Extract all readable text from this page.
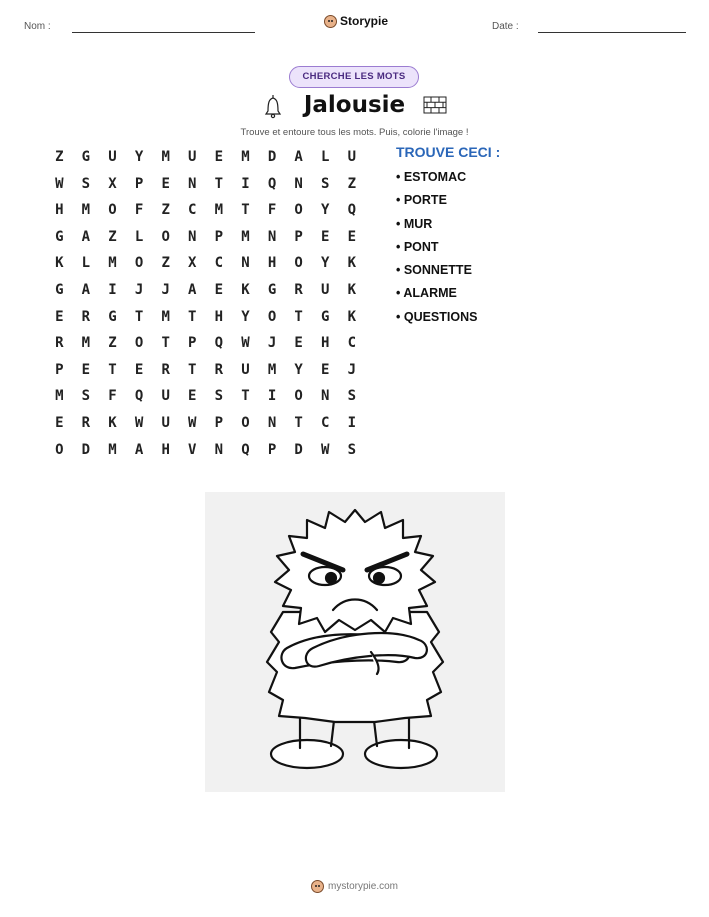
Nom :	Storypie	Date :
CHERCHE LES MOTS
Jalousie
Trouve et entoure tous les mots. Puis, colorie l'image !
Z	G	U	Y	M	U	E	M	D	A	L	U
W	S	X	P	E	N	T	I	Q	N	S	Z
H	M	O	F	Z	C	M	T	F	O	Y	Q
G	A	Z	L	O	N	P	M	N	P	E	E
K	L	M	O	Z	X	C	N	H	O	Y	K
G	A	I	J	J	A	E	K	G	R	U	K
E	R	G	T	M	T	H	Y	O	T	G	K
R	M	Z	O	T	P	Q	W	J	E	H	C
P	E	T	E	R	T	R	U	M	Y	E	J
M	S	F	Q	U	E	S	T	I	O	N	S
E	R	K	W	U	W	P	O	N	T	C	I
O	D	M	A	H	V	N	Q	P	D	W	S
TROUVE CECI :
• ESTOMAC
• PORTE
• MUR
• PONT
• SONNETTE
• ALARME
• QUESTIONS
mystorypie.com
